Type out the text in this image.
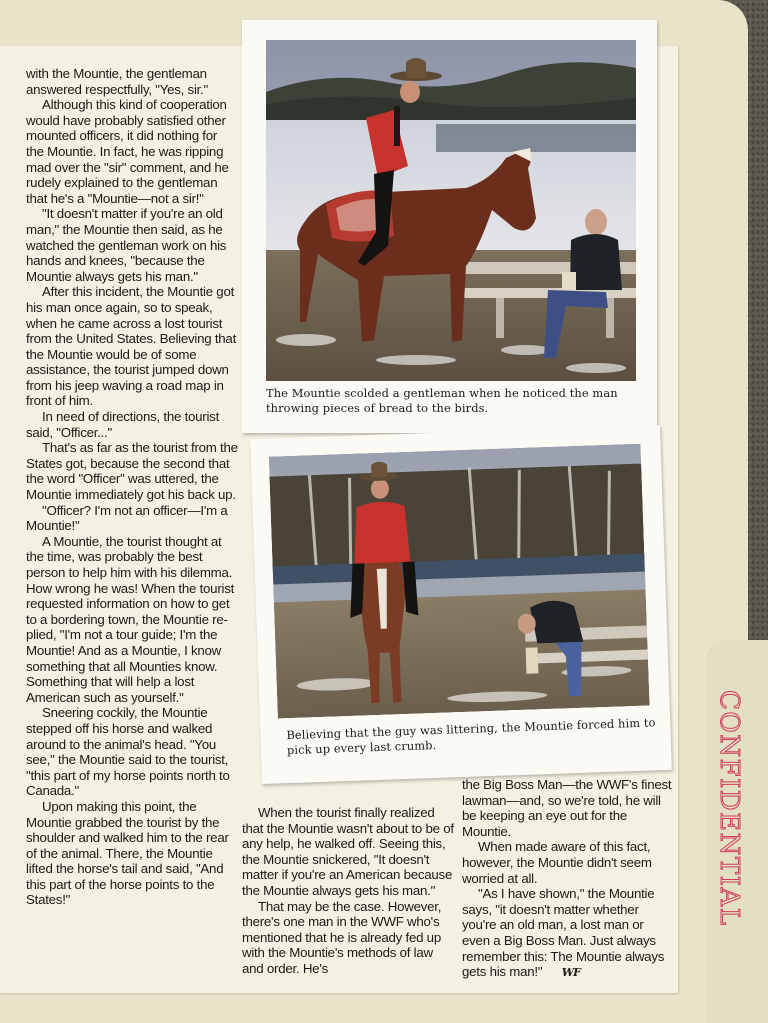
with the Mountie, the gentleman answered respectfully, "Yes, sir."

Although this kind of cooperation would have probably satisfied other mounted officers, it did nothing for the Mountie. In fact, he was ripping mad over the "sir" comment, and he rudely explained to the gentleman that he's a "Mountie—not a sir!"

"It doesn't matter if you're an old man," the Mountie then said, as he watched the gentleman work on his hands and knees, "because the Mountie always gets his man."

After this incident, the Mountie got his man once again, so to speak, when he came across a lost tourist from the United States. Believing that the Mountie would be of some assistance, the tourist jumped down from his jeep waving a road map in front of him.

In need of directions, the tourist said, "Officer..."

That's as far as the tourist from the States got, because the second that the word "Officer" was uttered, the Mountie immediately got his back up.

"Officer? I'm not an officer—I'm a Mountie!"

A Mountie, the tourist thought at the time, was probably the best person to help him with his dilemma. How wrong he was! When the tourist requested information on how to get to a bordering town, the Mountie replied, "I'm not a tour guide; I'm the Mountie! And as a Mountie, I know something that all Mounties know. Something that will help a lost American such as yourself."

Sneering cockily, the Mountie stepped off his horse and walked around to the animal's head. "You see," the Mountie said to the tourist, "this part of my horse points north to Canada."

Upon making this point, the Mountie grabbed the tourist by the shoulder and walked him to the rear of the animal. There, the Mountie lifted the horse's tail and said, "And this part of the horse points to the States!"

The Mountie scolded a gentleman when he noticed the man throwing pieces of bread to the birds.
Believing that the guy was littering, the Mountie forced him to pick up every last crumb.

When the tourist finally realized that the Mountie wasn't about to be of any help, he walked off. Seeing this, the Mountie snickered, "It doesn't matter if you're an American because the Mountie always gets his man."

That may be the case. However, there's one man in the WWF who's mentioned that he is already fed up with the Mountie's methods of law and order. He's

the Big Boss Man—the WWF's finest lawman—and, so we're told, he will be keeping an eye out for the Mountie.

When made aware of this fact, however, the Mountie didn't seem worried at all.

"As I have shown," the Mountie says, "it doesn't matter whether you're an old man, a lost man or even a Big Boss Man. Just always remember this: The Mountie always gets his man!" WF

CONFIDENTIAL
